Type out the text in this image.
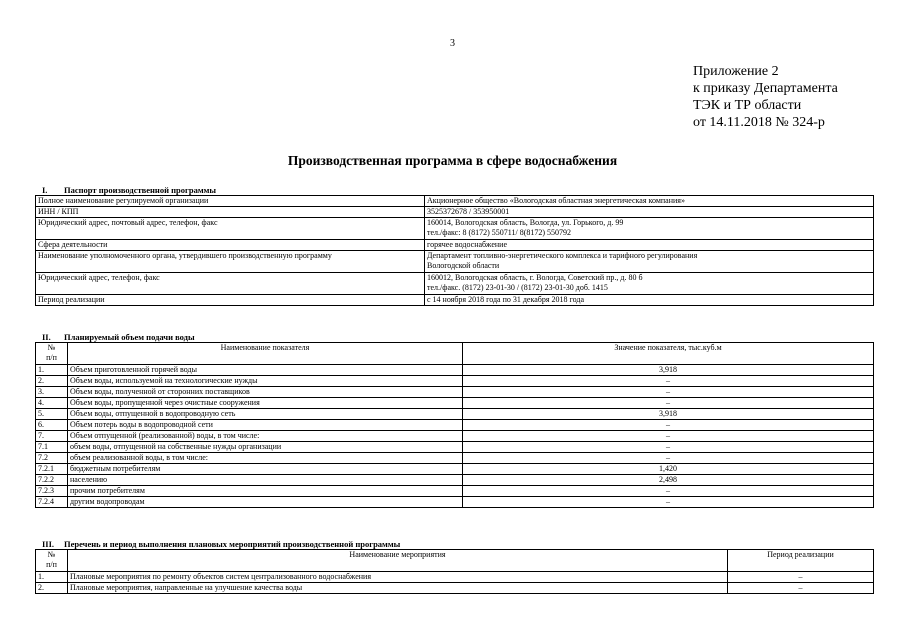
3
Приложение 2
к приказу Департамента
ТЭК и ТР области
от 14.11.2018 № 324-р
Производственная программа в сфере водоснабжения
I. Паспорт производственной программы
Полное наименование регулируемой организации	Акционерное общество «Вологодская областная энергетическая компания»
ИНН / КПП	3525372678 / 353950001
Юридический адрес, почтовый адрес, телефон, факс	160014, Вологодская область, Вологда, ул. Горького, д. 99
тел./факс: 8 (8172) 550711/ 8(8172) 550792

Сфера деятельности	горячее водоснабжение
Наименование уполномоченного органа, утвердившего производственную программу	Департамент топливно-энергетического комплекса и тарифного регулирования
Вологодской области

Юридический адрес, телефон, факс	160012, Вологодская область, г. Вологда, Советский пр., д. 80 б
тел./факс. (8172) 23-01-30 / (8172) 23-01-30 доб. 1415

Период реализации	с 14 ноября 2018 года по 31 декабря 2018 года
II. Планируемый объем подачи воды
№
п/п	Наименование показателя	Значение показателя, тыс.куб.м
1.	Объем приготовленной горячей воды	3,918
2.	Объем воды, используемой на технологические нужды	–
3.	Объем воды, полученной от сторонних поставщиков	–
4.	Объем воды, пропущенной через очистные сооружения	–
5.	Объем воды, отпущенной в водопроводную сеть	3,918
6.	Объем потерь воды в водопроводной сети	–
7.	Объем отпущенной (реализованной) воды, в том числе:	–
7.1	объем воды, отпущенной на собственные нужды организации	–
7.2	объем реализованной воды, в том числе:	–
7.2.1	бюджетным потребителям	1,420
7.2.2	населению	2,498
7.2.3	прочим потребителям	–
7.2.4	другим водопроводам	–
III. Перечень и период выполнения плановых мероприятий производственной программы
№
п/п	Наименование мероприятия	Период реализации
1.	Плановые мероприятия по ремонту объектов систем централизованного водоснабжения	–
2.	Плановые мероприятия, направленные на улучшение качества воды	–
